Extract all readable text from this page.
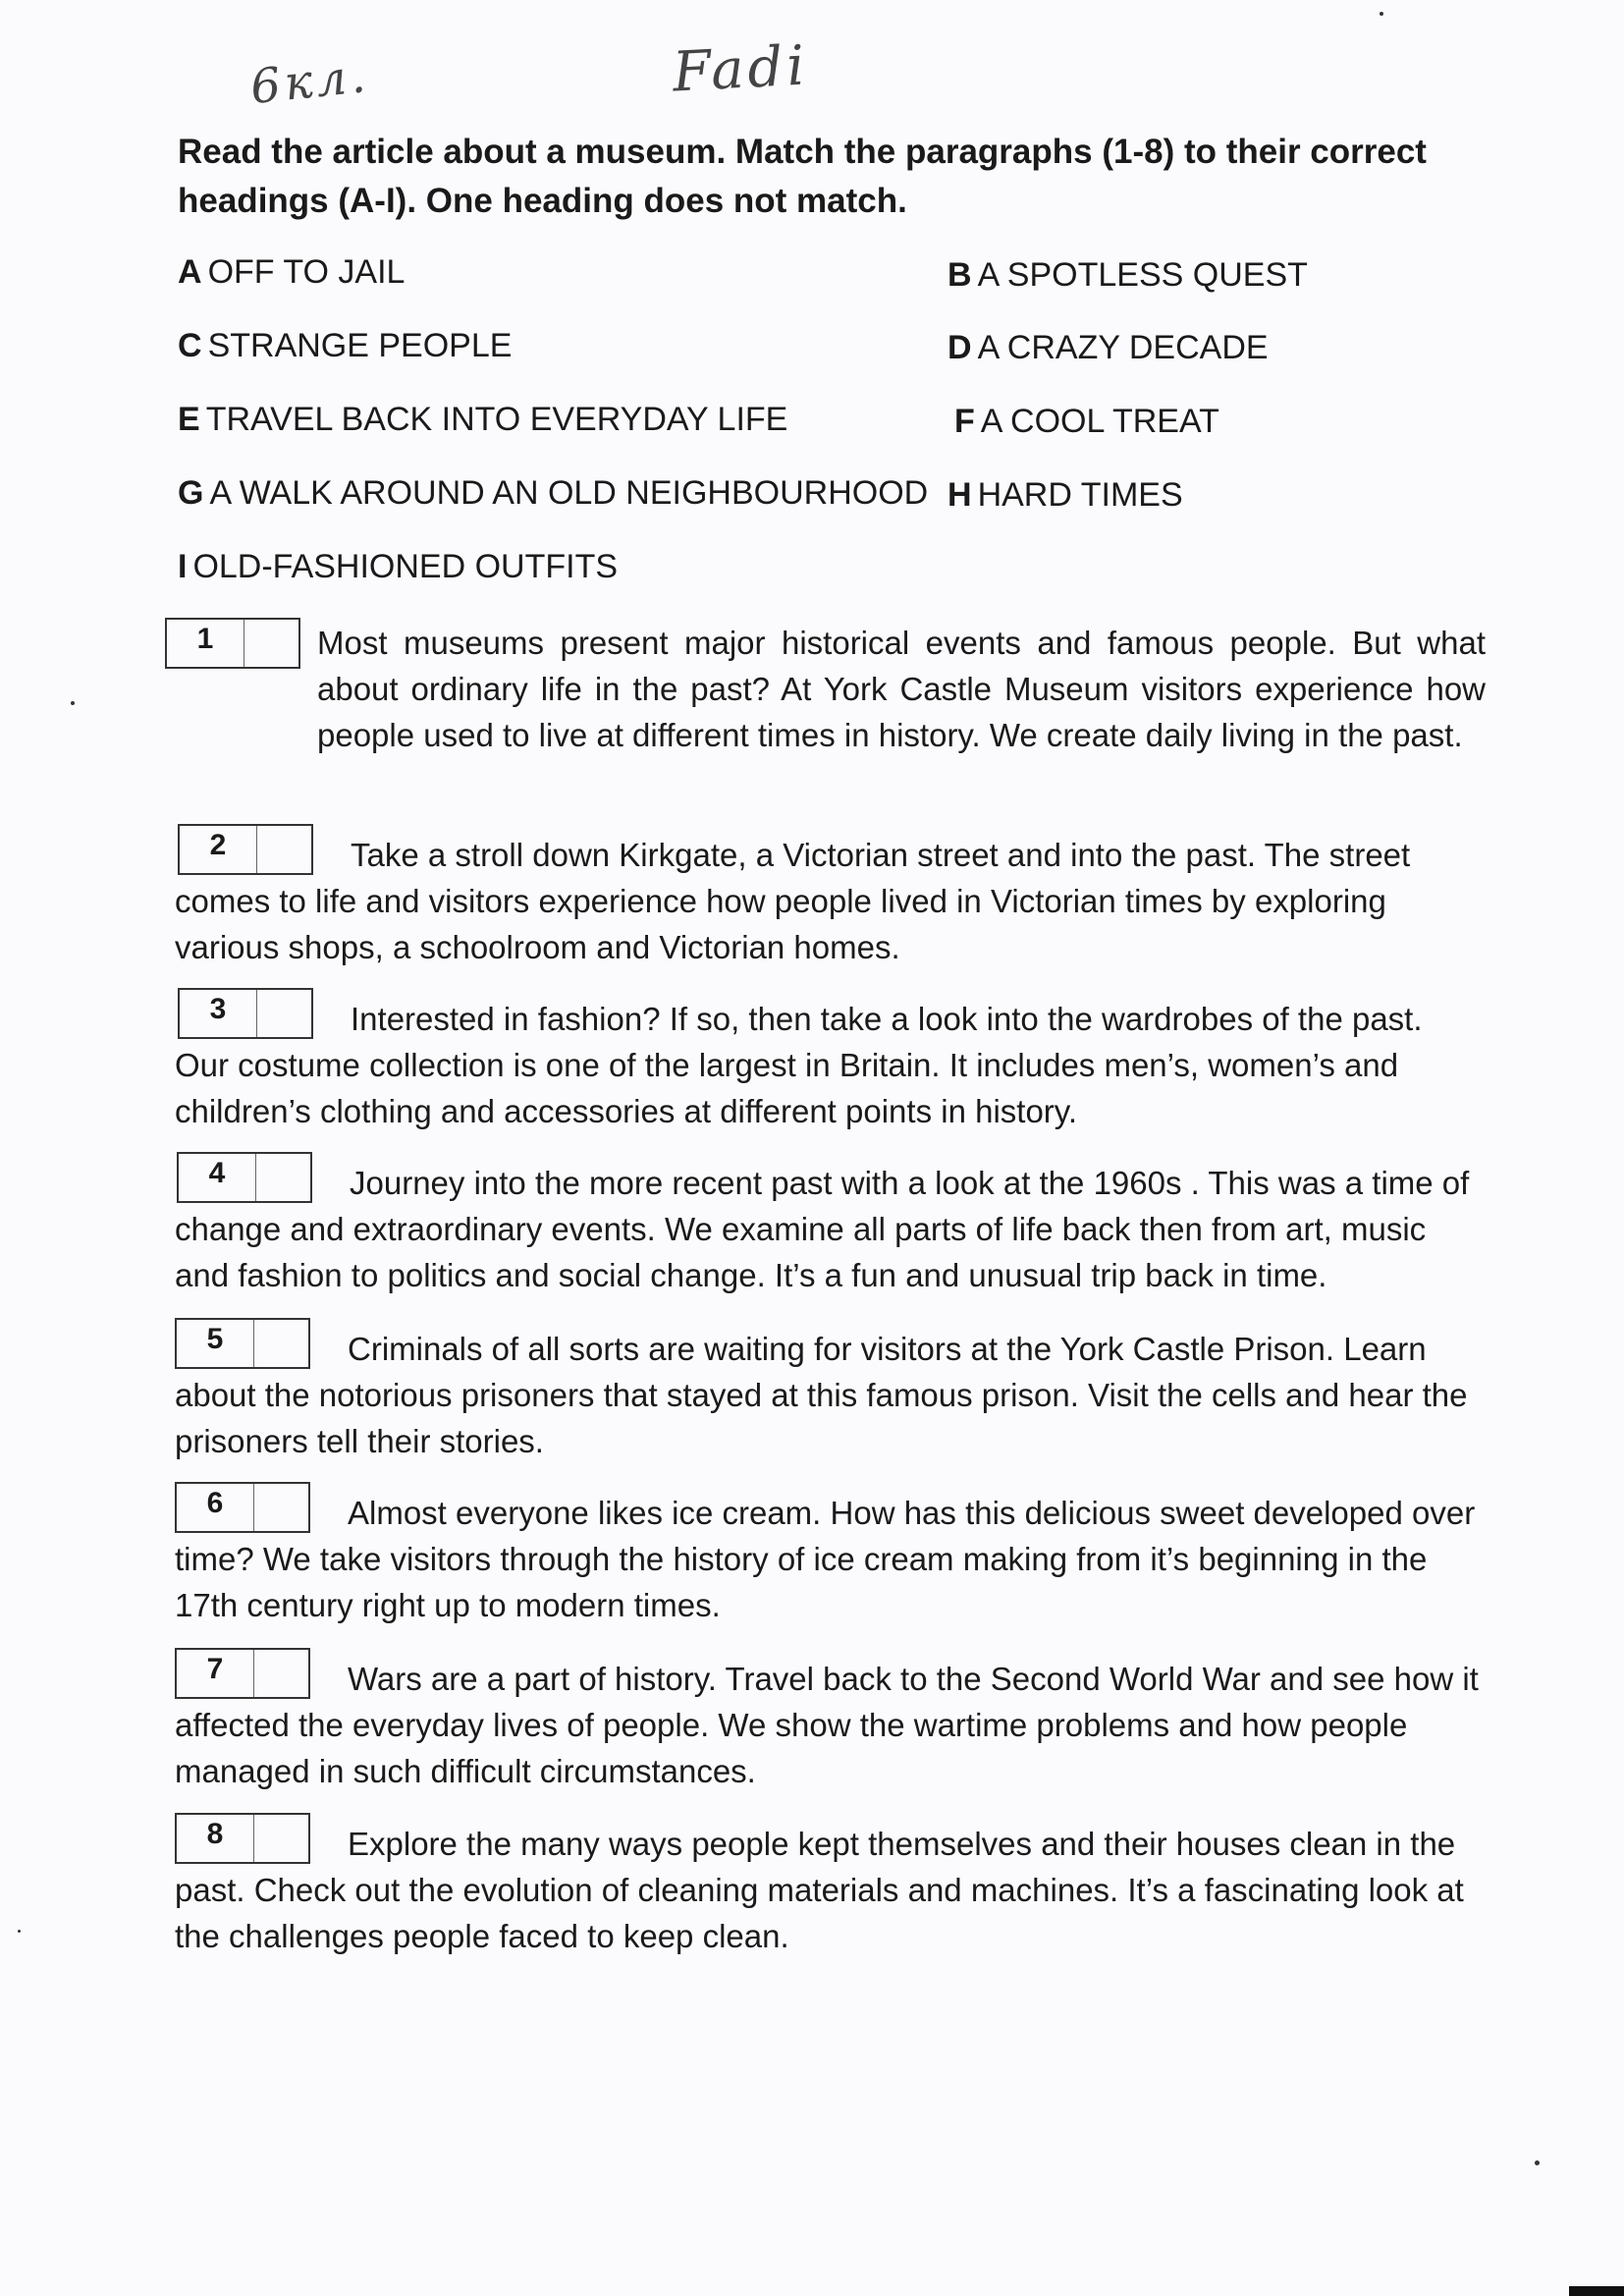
6кл.	Fadi
Read the article about a museum. Match the paragraphs (1-8) to their correct headings (A-I). One heading does not match.
A OFF TO JAIL	B A SPOTLESS QUEST
C STRANGE PEOPLE	D A CRAZY DECADE
E TRAVEL BACK INTO EVERYDAY LIFE	F A COOL TREAT
G A WALK AROUND AN OLD NEIGHBOURHOOD H HARD TIMES
I OLD-FASHIONED OUTFITS
1	Most museums present major historical events and famous people. But what about ordinary life in the past? At York Castle Museum visitors experience how people used to live at different times in history. We create daily living in the past.
2	Take a stroll down Kirkgate, a Victorian street and into the past. The street comes to life and visitors experience how people lived in Victorian times by exploring various shops, a schoolroom and Victorian homes.
3	Interested in fashion? If so, then take a look into the wardrobes of the past. Our costume collection is one of the largest in Britain. It includes men’s, women’s and children’s clothing and accessories at different points in history.
4	Journey into the more recent past with a look at the 1960s . This was a time of change and extraordinary events. We examine all parts of life back then from art, music and fashion to politics and social change. It’s a fun and unusual trip back in time.
5	Criminals of all sorts are waiting for visitors at the York Castle Prison. Learn about the notorious prisoners that stayed at this famous prison. Visit the cells and hear the prisoners tell their stories.
6	Almost everyone likes ice cream. How has this delicious sweet developed over time? We take visitors through the history of ice cream making from it’s beginning in the 17th century right up to modern times.
7	Wars are a part of history. Travel back to the Second World War and see how it affected the everyday lives of people. We show the wartime problems and how people managed in such difficult circumstances.
8	Explore the many ways people kept themselves and their houses clean in the past. Check out the evolution of cleaning materials and machines. It’s a fascinating look at the challenges people faced to keep clean.
